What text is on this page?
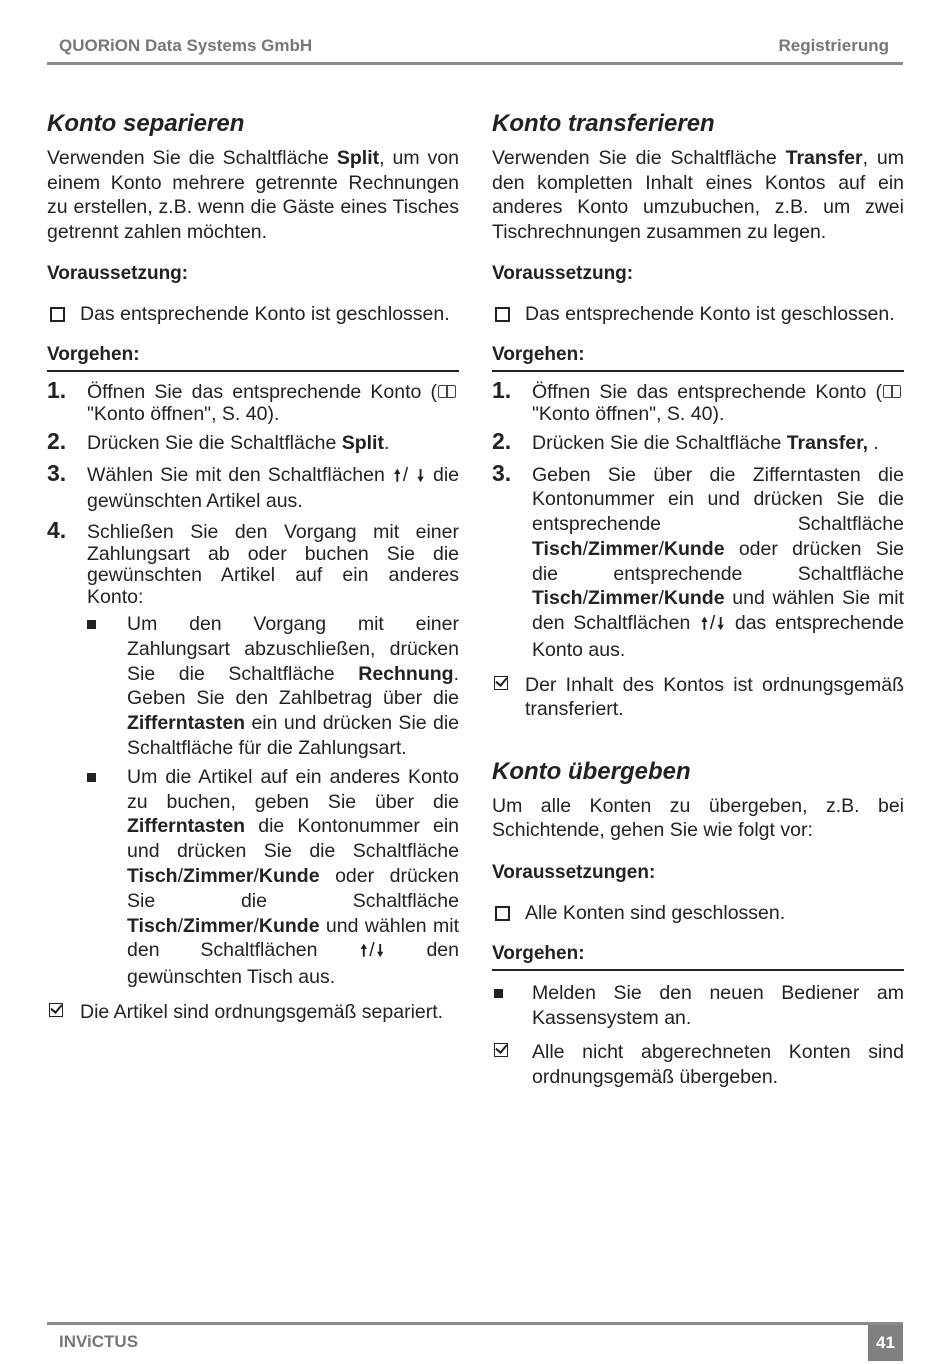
QUORiON Data Systems GmbH	Registrierung
Konto separieren

Verwenden Sie die Schaltfläche Split, um von einem Konto mehrere getrennte Rechnungen zu erstellen, z.B. wenn die Gäste eines Tisches getrennt zahlen möchten.

Voraussetzung:
Das entsprechende Konto ist geschlossen.
Vorgehen:
1. Öffnen Sie das entsprechende Konto ("Konto öffnen", S. 40).
2. Drücken Sie die Schaltfläche Split.
3. Wählen Sie mit den Schaltflächen 🠕 / 🠗 die gewünschten Artikel aus.
4. Schließen Sie den Vorgang mit einer Zahlungsart ab oder buchen Sie die gewünschten Artikel auf ein anderes Konto:
Um den Vorgang mit einer Zahlungsart abzuschließen, drücken Sie die Schaltfläche Rechnung. Geben Sie den Zahlbetrag über die Zifferntasten ein und drücken Sie die Schaltfläche für die Zahlungsart.
Um die Artikel auf ein anderes Konto zu buchen, geben Sie über die Zifferntasten die Kontonummer ein und drücken Sie die Schaltfläche Tisch/Zimmer/Kunde oder drücken Sie die Schaltfläche Tisch/Zimmer/Kunde und wählen mit den Schaltflächen	🠕 / 🠗 den gewünschten Tisch aus.
Die Artikel sind ordnungsgemäß separiert.
Konto transferieren

Verwenden Sie die Schaltfläche Transfer, um den kompletten Inhalt eines Kontos auf ein anderes Konto umzubuchen, z.B. um zwei Tischrechnungen zusammen zu legen.

Voraussetzung:
Das entsprechende Konto ist geschlossen.
Vorgehen:
1. Öffnen Sie das entsprechende Konto ("Konto öffnen", S. 40).
2. Drücken Sie die Schaltfläche Transfer, .
3. Geben Sie über die Zifferntasten die Kontonummer ein und drücken Sie die entsprechende Schaltfläche Tisch/Zimmer/Kunde oder drücken Sie die entsprechende Schaltfläche Tisch/Zimmer/Kunde und wählen Sie mit den Schaltflächen 🠕 / 🠗 das entsprechende Konto aus.
Der Inhalt des Kontos ist ordnungsgemäß transferiert.
Konto übergeben

Um alle Konten zu übergeben, z.B. bei Schichtende, gehen Sie wie folgt vor:

Voraussetzungen:
Alle Konten sind geschlossen.
Vorgehen:
Melden Sie den neuen Bediener am Kassensystem an.
Alle nicht abgerechneten Konten sind ordnungsgemäß übergeben.
INViCTUS	41
